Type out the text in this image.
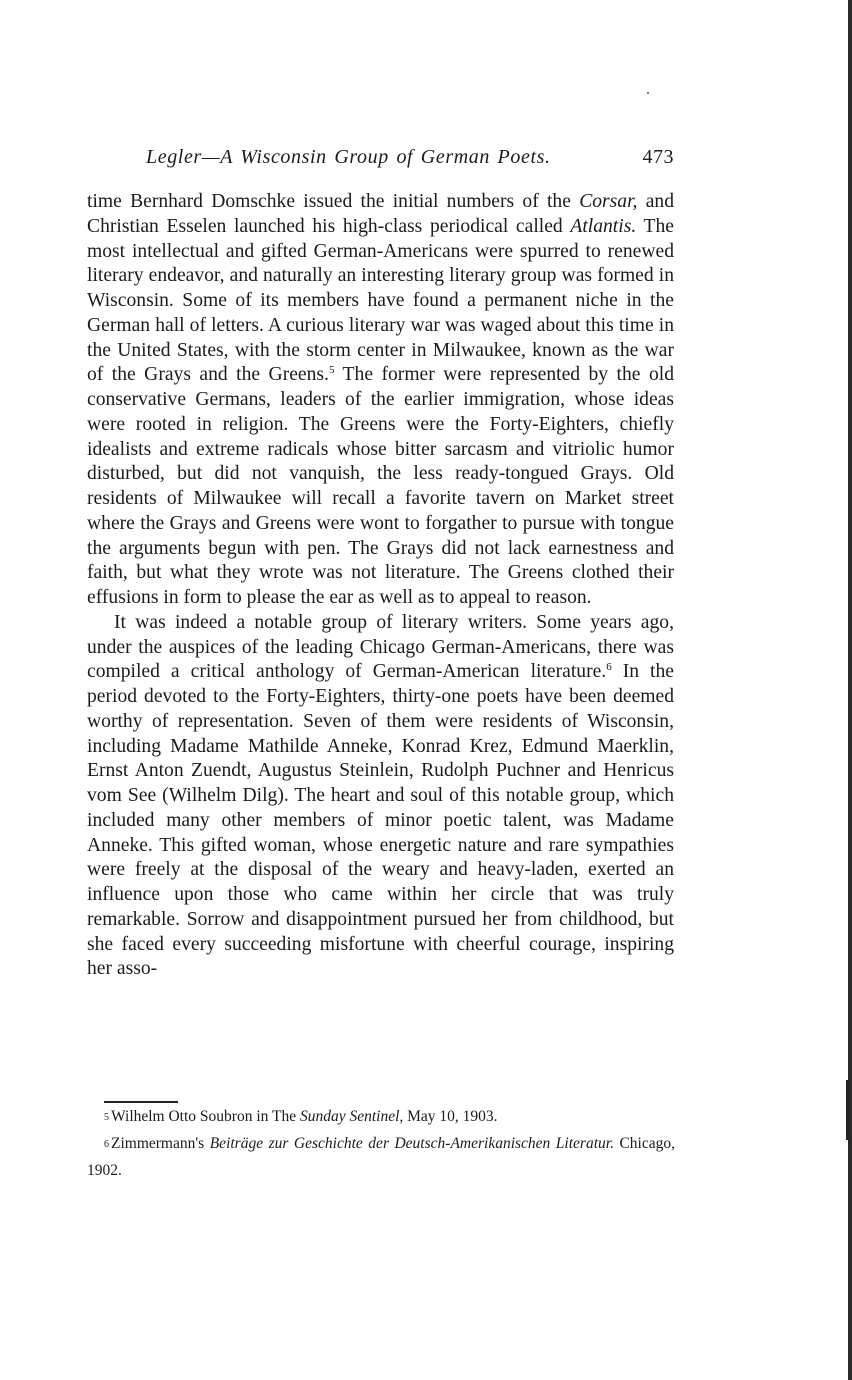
Legler—A Wisconsin Group of German Poets.	473

time Bernhard Domschke issued the initial numbers of the Corsar, and Christian Esselen launched his high-class periodical called Atlantis. The most intellectual and gifted German-Americans were spurred to renewed literary endeavor, and naturally an interesting literary group was formed in Wisconsin. Some of its members have found a permanent niche in the German hall of letters. A curious literary war was waged about this time in the United States, with the storm center in Milwaukee, known as the war of the Grays and the Greens.$^5$ The former were represented by the old conservative Germans, leaders of the earlier immigration, whose ideas were rooted in religion. The Greens were the Forty-Eighters, chiefly idealists and extreme radicals whose bitter sarcasm and vitriolic humor disturbed, but did not vanquish, the less ready-tongued Grays. Old residents of Milwaukee will recall a favorite tavern on Market street where the Grays and Greens were wont to forgather to pursue with tongue the arguments begun with pen. The Grays did not lack earnestness and faith, but what they wrote was not literature. The Greens clothed their effusions in form to please the ear as well as to appeal to reason.

It was indeed a notable group of literary writers. Some years ago, under the auspices of the leading Chicago German-Americans, there was compiled a critical anthology of German-American literature.$^6$ In the period devoted to the Forty-Eighters, thirty-one poets have been deemed worthy of representation. Seven of them were residents of Wisconsin, including Madame Mathilde Anneke, Konrad Krez, Edmund Maerklin, Ernst Anton Zuendt, Augustus Steinlein, Rudolph Puchner and Henricus vom See (Wilhelm Dilg). The heart and soul of this notable group, which included many other members of minor poetic talent, was Madame Anneke. This gifted woman, whose energetic nature and rare sympathies were freely at the disposal of the weary and heavy-laden, exerted an influence upon those who came within her circle that was truly remarkable. Sorrow and disappointment pursued her from childhood, but she faced every succeeding misfortune with cheerful courage, inspiring her asso-

5 Wilhelm Otto Soubron in The Sunday Sentinel, May 10, 1903.

6 Zimmermann's Beiträge zur Geschichte der Deutsch-Amerikanischen Literatur. Chicago, 1902.
